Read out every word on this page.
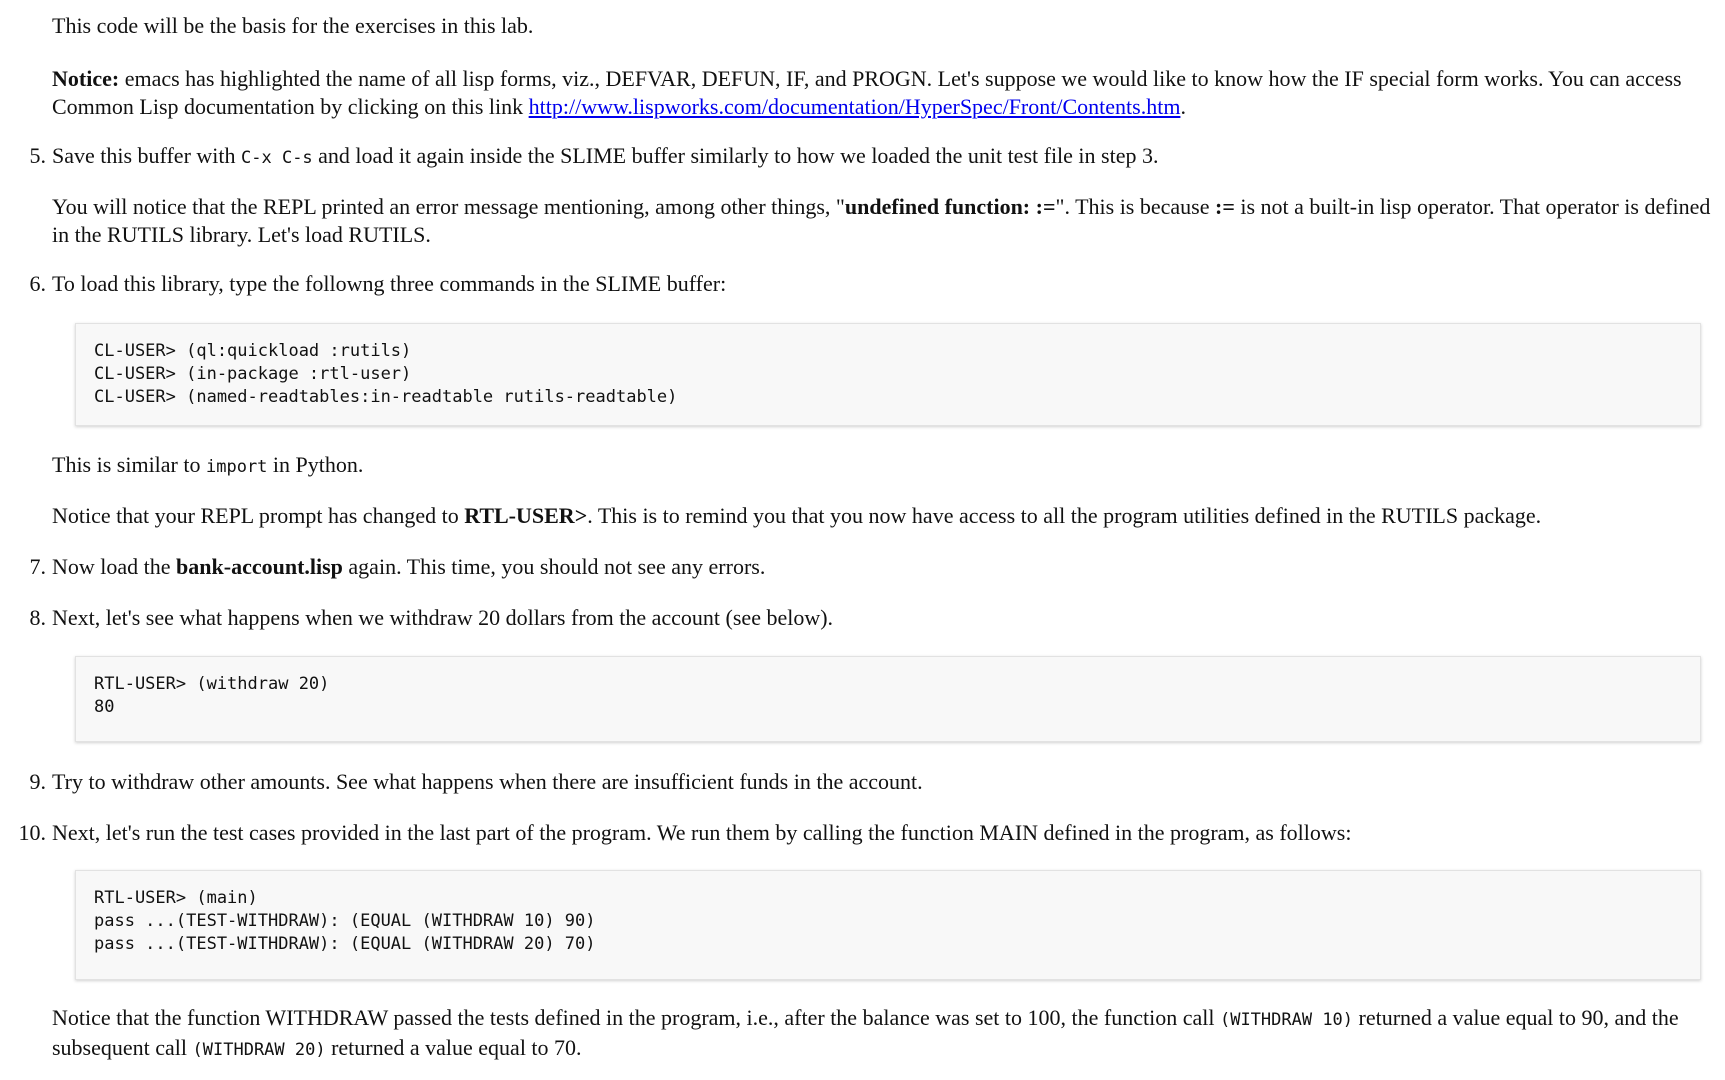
This code will be the basis for the exercises in this lab.

Notice: emacs has highlighted the name of all lisp forms, viz., DEFVAR, DEFUN, IF, and PROGN. Let's suppose we would like to know how the IF special form works. You can access Common Lisp documentation by clicking on this link http://www.lispworks.com/documentation/HyperSpec/Front/Contents.htm.

5. Save this buffer with C-x C-s and load it again inside the SLIME buffer similarly to how we loaded the unit test file in step 3.

You will notice that the REPL printed an error message mentioning, among other things, "undefined function: :=". This is because := is not a built-in lisp operator. That operator is defined in the RUTILS library. Let's load RUTILS.

6. To load this library, type the followng three commands in the SLIME buffer:

CL-USER> (ql:quickload :rutils)
CL-USER> (in-package :rtl-user)
CL-USER> (named-readtables:in-readtable rutils-readtable)

This is similar to import in Python.

Notice that your REPL prompt has changed to RTL-USER>. This is to remind you that you now have access to all the program utilities defined in the RUTILS package.

7. Now load the bank-account.lisp again. This time, you should not see any errors.

8. Next, let's see what happens when we withdraw 20 dollars from the account (see below).

RTL-USER> (withdraw 20)
80
9. Try to withdraw other amounts. See what happens when there are insufficient funds in the account.

10. Next, let's run the test cases provided in the last part of the program. We run them by calling the function MAIN defined in the program, as follows:

RTL-USER> (main)
pass ...(TEST-WITHDRAW): (EQUAL (WITHDRAW 10) 90)
pass ...(TEST-WITHDRAW): (EQUAL (WITHDRAW 20) 70)

Notice that the function WITHDRAW passed the tests defined in the program, i.e., after the balance was set to 100, the function call (WITHDRAW 10) returned a value equal to 90, and the subsequent call (WITHDRAW 20) returned a value equal to 70.
